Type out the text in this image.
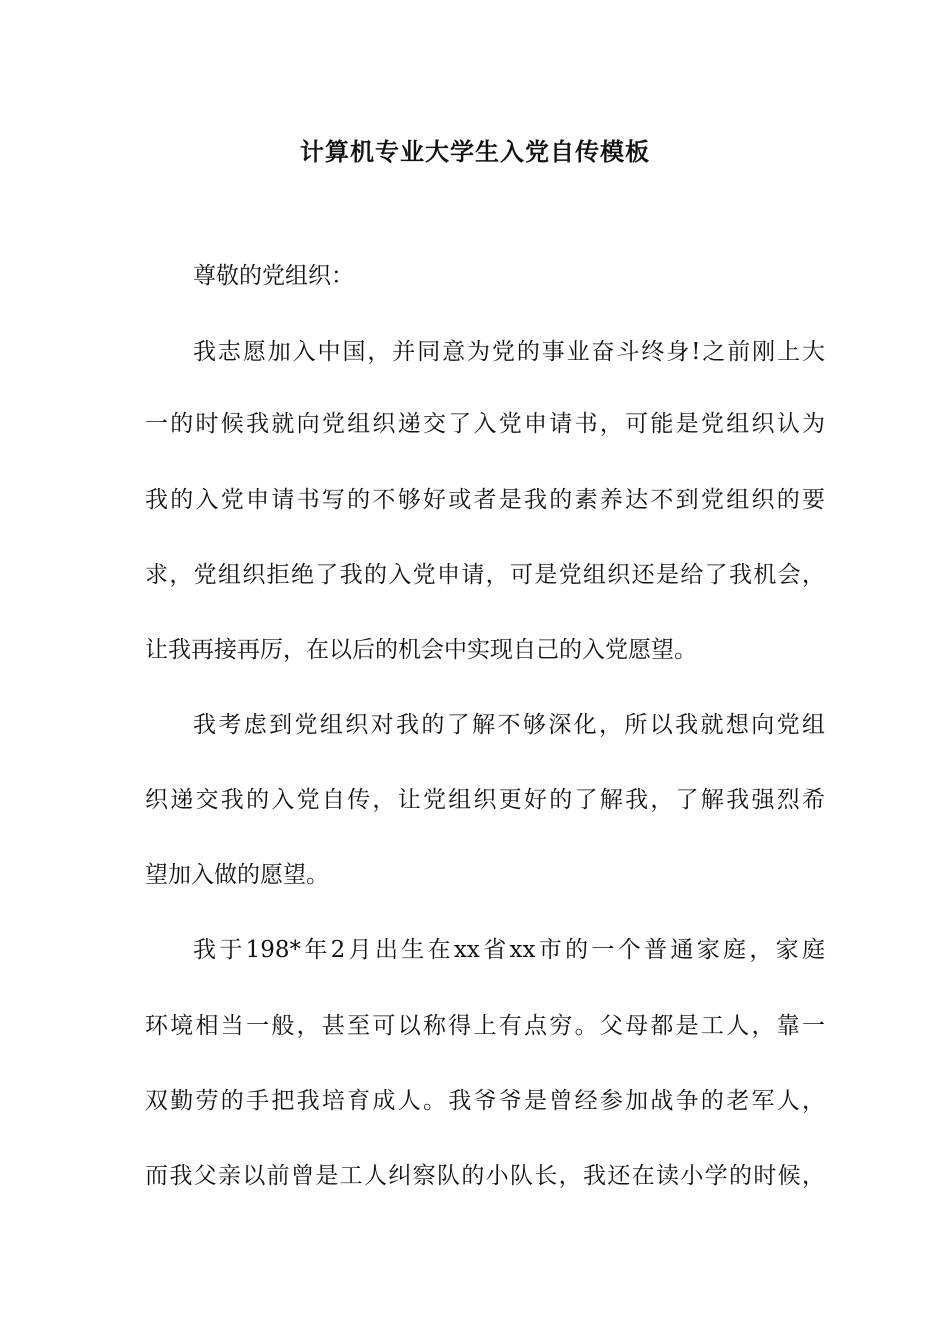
计算机专业大学生入党自传模板

尊敬的党组织：

我志愿加入中国，并同意为党的事业奋斗终身!之前刚上大

一的时候我就向党组织递交了入党申请书，可能是党组织认为

我的入党申请书写的不够好或者是我的素养达不到党组织的要

求，党组织拒绝了我的入党申请，可是党组织还是给了我机会，

让我再接再厉，在以后的机会中实现自己的入党愿望。

我考虑到党组织对我的了解不够深化，所以我就想向党组

织递交我的入党自传，让党组织更好的了解我，了解我强烈希

望加入做的愿望。

我于198*年2月出生在xx省xx市的一个普通家庭，家庭

环境相当一般，甚至可以称得上有点穷。父母都是工人，靠一

双勤劳的手把我培育成人。我爷爷是曾经参加战争的老军人，

而我父亲以前曾是工人纠察队的小队长，我还在读小学的时候，
